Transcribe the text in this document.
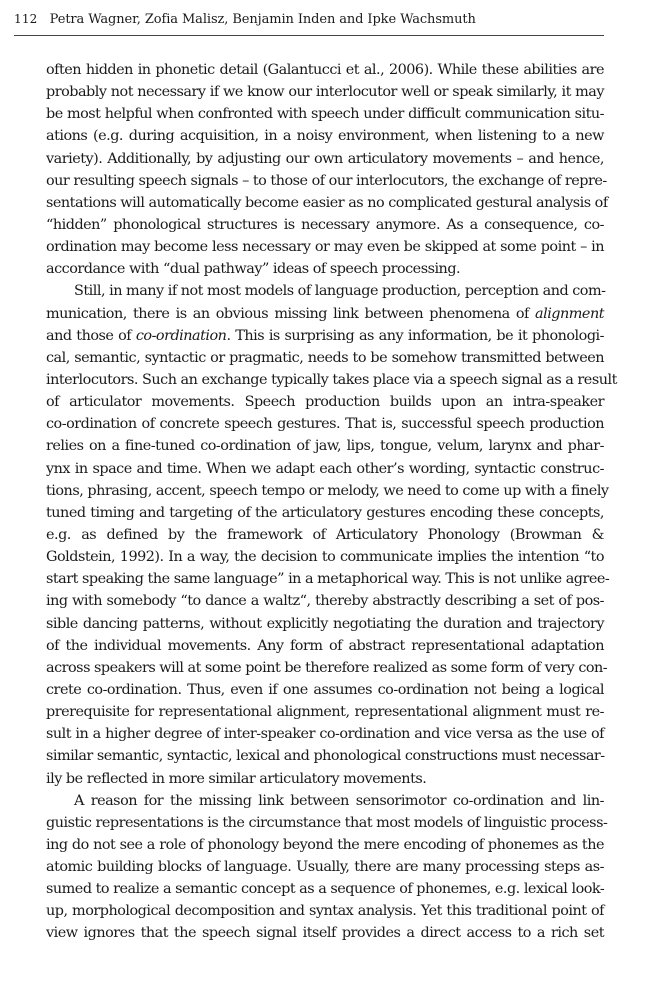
112 Petra Wagner, Zofia Malisz, Benjamin Inden and Ipke Wachsmuth
often hidden in phonetic detail (Galantucci et al., 2006). While these abilities are
probably not necessary if we know our interlocutor well or speak similarly, it may
be most helpful when confronted with speech under difficult communication situ-
ations (e.g. during acquisition, in a noisy environment, when listening to a new
variety). Additionally, by adjusting our own articulatory movements – and hence,
our resulting speech signals – to those of our interlocutors, the exchange of repre-
sentations will automatically become easier as no complicated gestural analysis of
“hidden” phonological structures is necessary anymore. As a consequence, co-
ordination may become less necessary or may even be skipped at some point – in
accordance with “dual pathway” ideas of speech processing.
Still, in many if not most models of language production, perception and com-
munication, there is an obvious missing link between phenomena of alignment
and those of co-ordination. This is surprising as any information, be it phonologi-
cal, semantic, syntactic or pragmatic, needs to be somehow transmitted between
interlocutors. Such an exchange typically takes place via a speech signal as a result
of articulator movements. Speech production builds upon an intra-speaker
co-ordination of concrete speech gestures. That is, successful speech production
relies on a fine-tuned co-ordination of jaw, lips, tongue, velum, larynx and phar-
ynx in space and time. When we adapt each other’s wording, syntactic construc-
tions, phrasing, accent, speech tempo or melody, we need to come up with a finely
tuned timing and targeting of the articulatory gestures encoding these concepts,
e.g. as defined by the framework of Articulatory Phonology (Browman &
Goldstein, 1992). In a way, the decision to communicate implies the intention “to
start speaking the same language” in a metaphorical way. This is not unlike agree-
ing with somebody “to dance a waltz“, thereby abstractly describing a set of pos-
sible dancing patterns, without explicitly negotiating the duration and trajectory
of the individual movements. Any form of abstract representational adaptation
across speakers will at some point be therefore realized as some form of very con-
crete co-ordination. Thus, even if one assumes co-ordination not being a logical
prerequisite for representational alignment, representational alignment must re-
sult in a higher degree of inter-speaker co-ordination and vice versa as the use of
similar semantic, syntactic, lexical and phonological constructions must necessar-
ily be reflected in more similar articulatory movements.
A reason for the missing link between sensorimotor co-ordination and lin-
guistic representations is the circumstance that most models of linguistic process-
ing do not see a role of phonology beyond the mere encoding of phonemes as the
atomic building blocks of language. Usually, there are many processing steps as-
sumed to realize a semantic concept as a sequence of phonemes, e.g. lexical look-
up, morphological decomposition and syntax analysis. Yet this traditional point of
view ignores that the speech signal itself provides a direct access to a rich set
